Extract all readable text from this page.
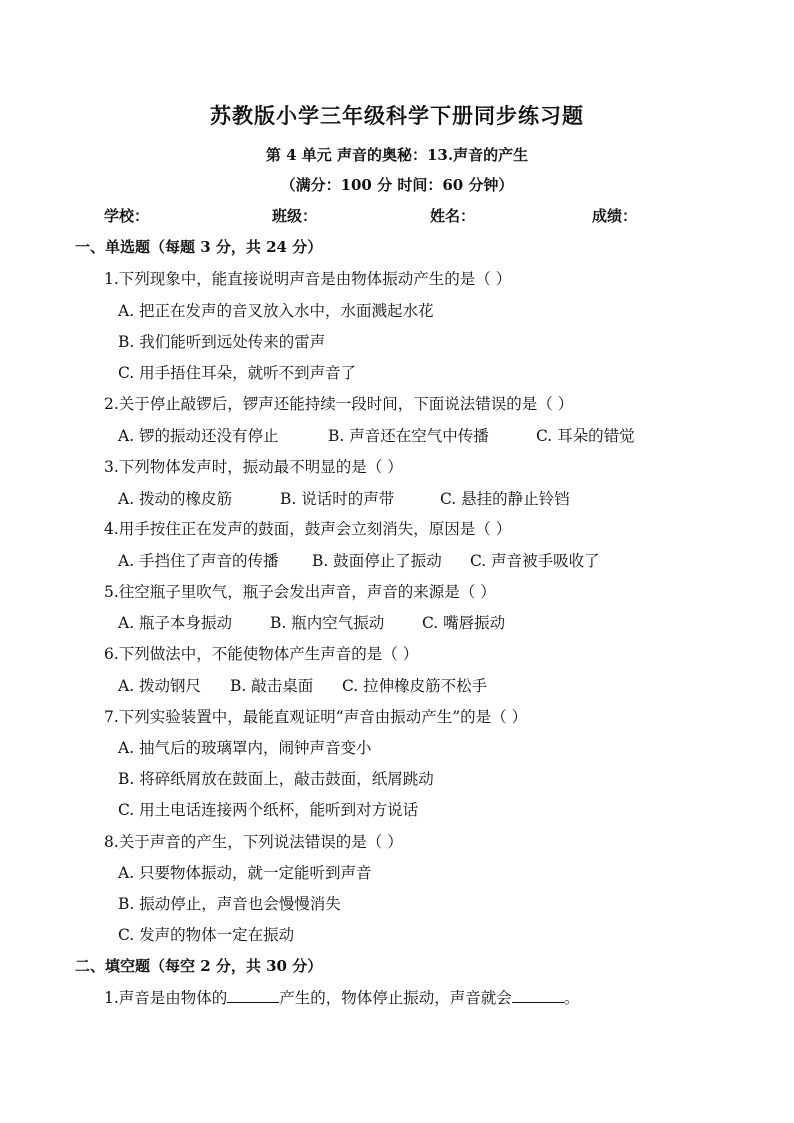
苏教版小学三年级科学下册同步练习题
第 4 单元 声音的奥秘：13.声音的产生
（满分：100 分 时间：60 分钟）
学校：	班级：	姓名：	成绩：
一、单选题（每题 3 分，共 24 分）
1.下列现象中，能直接说明声音是由物体振动产生的是（ ）
A. 把正在发声的音叉放入水中，水面溅起水花
B. 我们能听到远处传来的雷声
C. 用手捂住耳朵，就听不到声音了
2.关于停止敲锣后，锣声还能持续一段时间，下面说法错误的是（ ）
A. 锣的振动还没有停止	B. 声音还在空气中传播	C. 耳朵的错觉
3.下列物体发声时，振动最不明显的是（ ）
A. 拨动的橡皮筋	B. 说话时的声带	C. 悬挂的静止铃铛
4.用手按住正在发声的鼓面，鼓声会立刻消失，原因是（ ）
A. 手挡住了声音的传播 B. 鼓面停止了振动 C. 声音被手吸收了
5.往空瓶子里吹气，瓶子会发出声音，声音的来源是（ ）
A. 瓶子本身振动 B. 瓶内空气振动 C. 嘴唇振动
6.下列做法中，不能使物体产生声音的是（ ）
A. 拨动钢尺 B. 敲击桌面 C. 拉伸橡皮筋不松手
7.下列实验装置中，最能直观证明“声音由振动产生”的是（ ）
A. 抽气后的玻璃罩内，闹钟声音变小
B. 将碎纸屑放在鼓面上，敲击鼓面，纸屑跳动
C. 用土电话连接两个纸杯，能听到对方说话
8.关于声音的产生，下列说法错误的是（ ）
A. 只要物体振动，就一定能听到声音
B. 振动停止，声音也会慢慢消失
C. 发声的物体一定在振动
二、填空题（每空 2 分，共 30 分）
1.声音是由物体的	产生的，物体停止振动，声音就会	。
